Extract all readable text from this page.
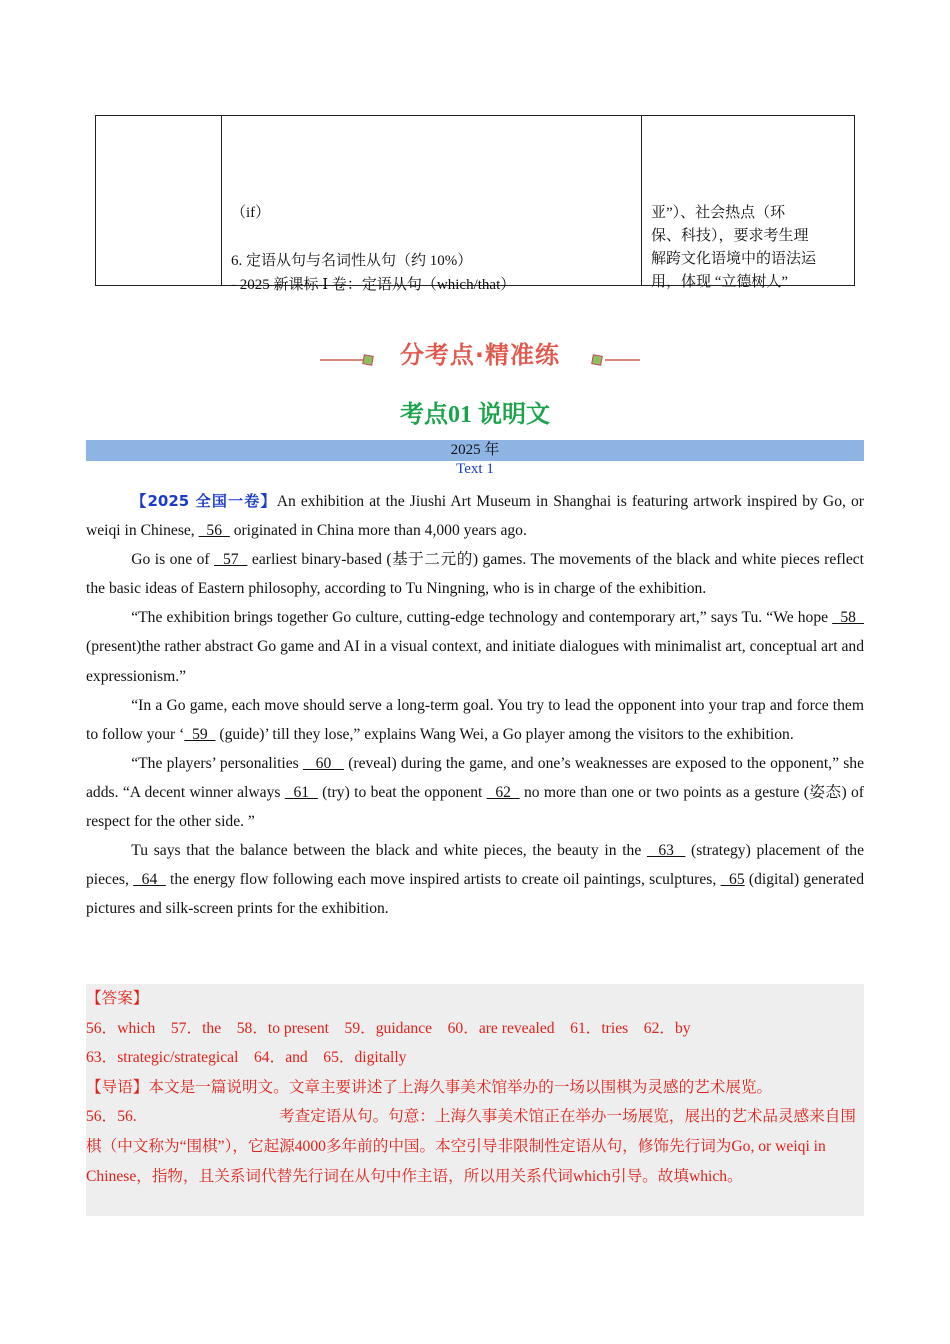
（if）
6. 定语从句与名词性从句（约 10%）
- 2025 新课标 Ⅰ 卷：定语从句（which/that）
亚”）、社会热点（环
保、科技），要求考生理
解跨文化语境中的语法运
用，体现 “立德树人”
分考点·精准练
考点01 说明文
2025 年
Text 1

【2025 全国一卷】An exhibition at the Jiushi Art Museum in Shanghai is featuring artwork inspired by Go, or weiqi in Chinese,   56   originated in China more than 4,000 years ago.

Go is one of   57   earliest binary-based (基于二元的) games. The movements of the black and white pieces reflect the basic ideas of Eastern philosophy, according to Tu Ningning, who is in charge of the exhibition.

“The exhibition brings together Go culture, cutting-edge technology and contemporary art,” says Tu. “We hope   58   (present)the rather abstract Go game and AI in a visual context, and initiate dialogues with minimalist art, conceptual art and expressionism.”

“In a Go game, each move should serve a long-term goal. You try to lead the opponent into your trap and force them to follow your ‘  59   (guide)’ till they lose,” explains Wang Wei, a Go player among the visitors to the exhibition.

“The players’ personalities    60    (reveal) during the game, and one’s weaknesses are exposed to the opponent,” she adds. “A decent winner always   61   (try) to beat the opponent   62   no more than one or two points as a gesture (姿态) of respect for the other side. ”

Tu says that the balance between the black and white pieces, the beauty in the   63   (strategy) placement of the pieces,   64   the energy flow following each move inspired artists to create oil paintings, sculptures,   65 (digital) generated pictures and silk-screen prints for the exhibition.

【答案】
56．which    57．the    58．to present    59．guidance    60．are revealed    61．tries    62．by
63．strategic/strategical    64．and    65．digitally
【导语】本文是一篇说明文。文章主要讲述了上海久事美术馆举办的一场以围棋为灵感的艺术展览。
56．56.	考查定语从句。句意：上海久事美术馆正在举办一场展览，展出的艺术品灵感来自围棋（中文称为“围棋”），它起源4000多年前的中国。本空引导非限制性定语从句，修饰先行词为Go, or weiqi in Chinese，指物，且关系词代替先行词在从句中作主语，所以用关系代词which引导。故填which。
